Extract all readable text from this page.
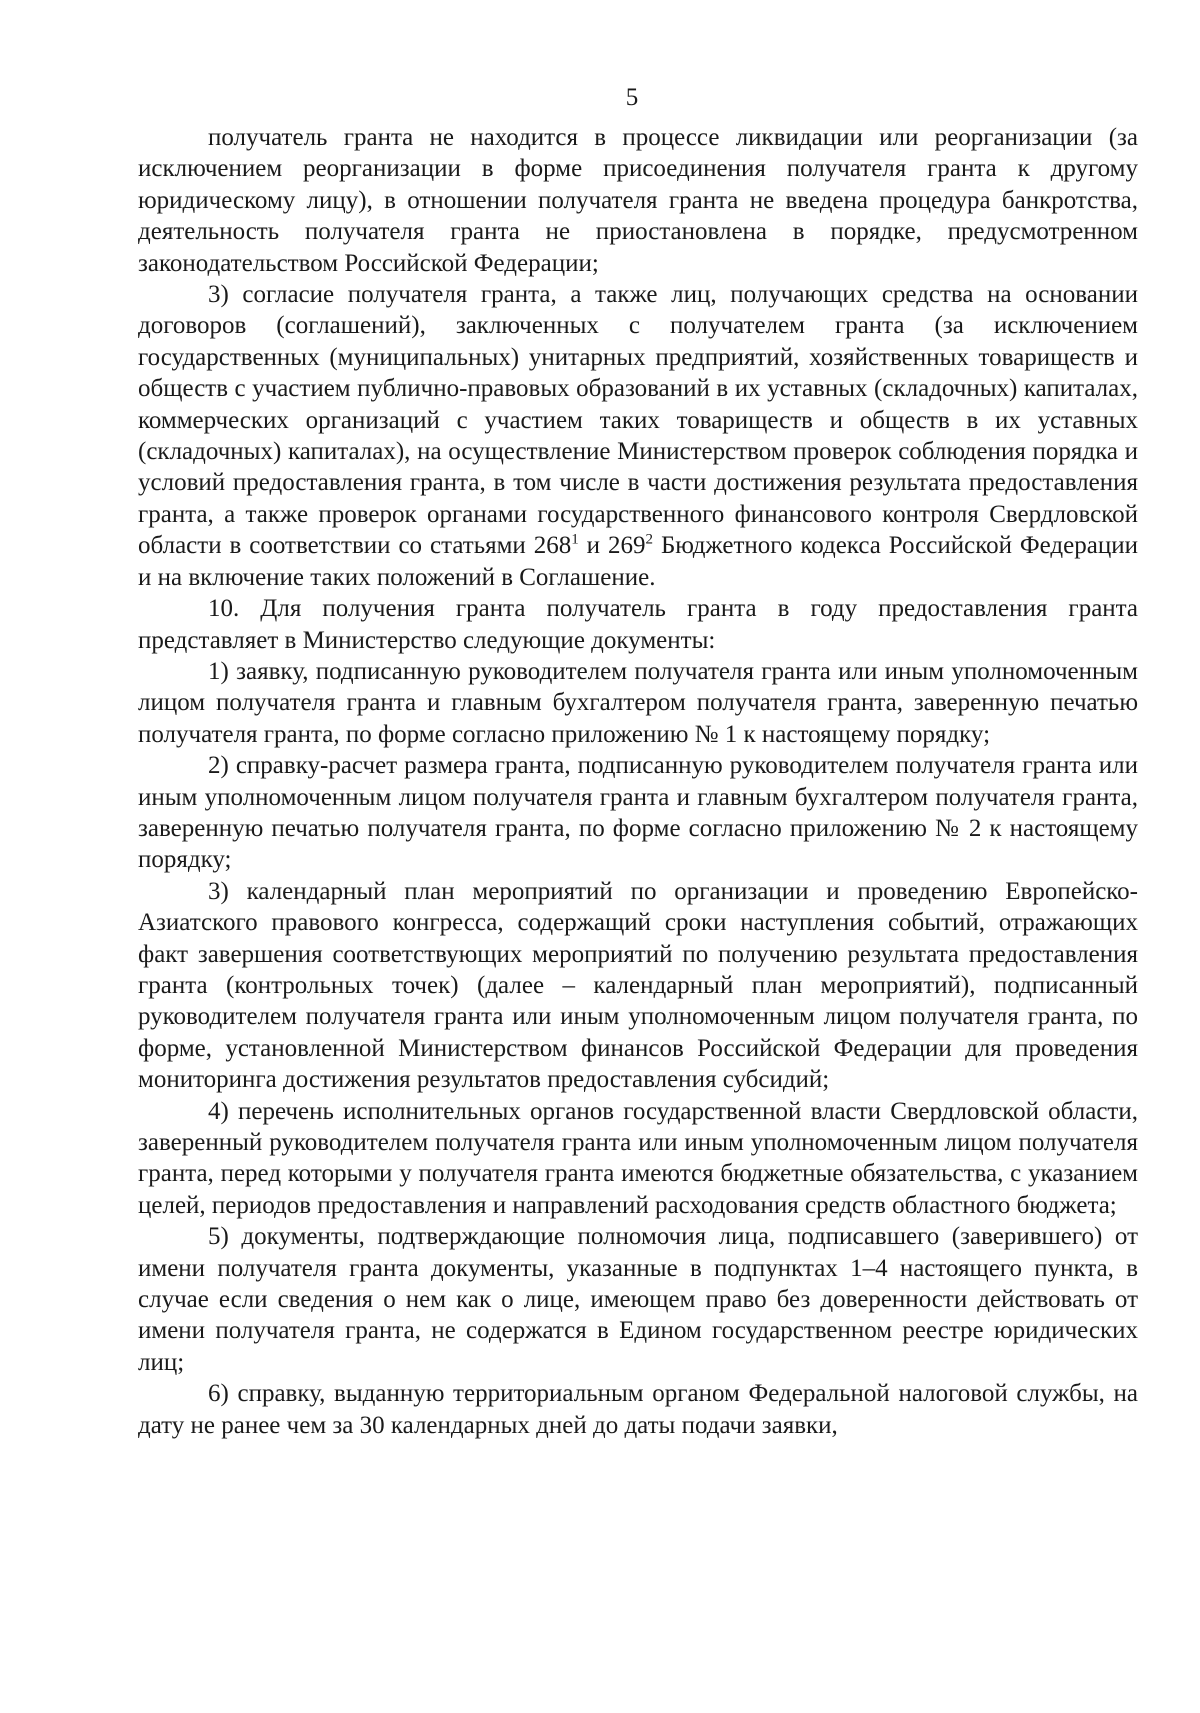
5

получатель гранта не находится в процессе ликвидации или реорганизации (за исключением реорганизации в форме присоединения получателя гранта к другому юридическому лицу), в отношении получателя гранта не введена процедура банкротства, деятельность получателя гранта не приостановлена в порядке, предусмотренном законодательством Российской Федерации;

3) согласие получателя гранта, а также лиц, получающих средства на основании договоров (соглашений), заключенных с получателем гранта (за исключением государственных (муниципальных) унитарных предприятий, хозяйственных товариществ и обществ с участием публично-правовых образований в их уставных (складочных) капиталах, коммерческих организаций с участием таких товариществ и обществ в их уставных (складочных) капиталах), на осуществление Министерством проверок соблюдения порядка и условий предоставления гранта, в том числе в части достижения результата предоставления гранта, а также проверок органами государственного финансового контроля Свердловской области в соответствии со статьями $268^1$ и $269^2$ Бюджетного кодекса Российской Федерации и на включение таких положений в Соглашение.

10. Для получения гранта получатель гранта в году предоставления гранта представляет в Министерство следующие документы:

1) заявку, подписанную руководителем получателя гранта или иным уполномоченным лицом получателя гранта и главным бухгалтером получателя гранта, заверенную печатью получателя гранта, по форме согласно приложению № 1 к настоящему порядку;

2) справку-расчет размера гранта, подписанную руководителем получателя гранта или иным уполномоченным лицом получателя гранта и главным бухгалтером получателя гранта, заверенную печатью получателя гранта, по форме согласно приложению № 2 к настоящему порядку;

3) календарный план мероприятий по организации и проведению Европейско-Азиатского правового конгресса, содержащий сроки наступления событий, отражающих факт завершения соответствующих мероприятий по получению результата предоставления гранта (контрольных точек) (далее – календарный план мероприятий), подписанный руководителем получателя гранта или иным уполномоченным лицом получателя гранта, по форме, установленной Министерством финансов Российской Федерации для проведения мониторинга достижения результатов предоставления субсидий;

4) перечень исполнительных органов государственной власти Свердловской области, заверенный руководителем получателя гранта или иным уполномоченным лицом получателя гранта, перед которыми у получателя гранта имеются бюджетные обязательства, с указанием целей, периодов предоставления и направлений расходования средств областного бюджета;

5) документы, подтверждающие полномочия лица, подписавшего (заверившего) от имени получателя гранта документы, указанные в подпунктах 1–4 настоящего пункта, в случае если сведения о нем как о лице, имеющем право без доверенности действовать от имени получателя гранта, не содержатся в Едином государственном реестре юридических лиц;

6) справку, выданную территориальным органом Федеральной налоговой службы, на дату не ранее чем за 30 календарных дней до даты подачи заявки,
